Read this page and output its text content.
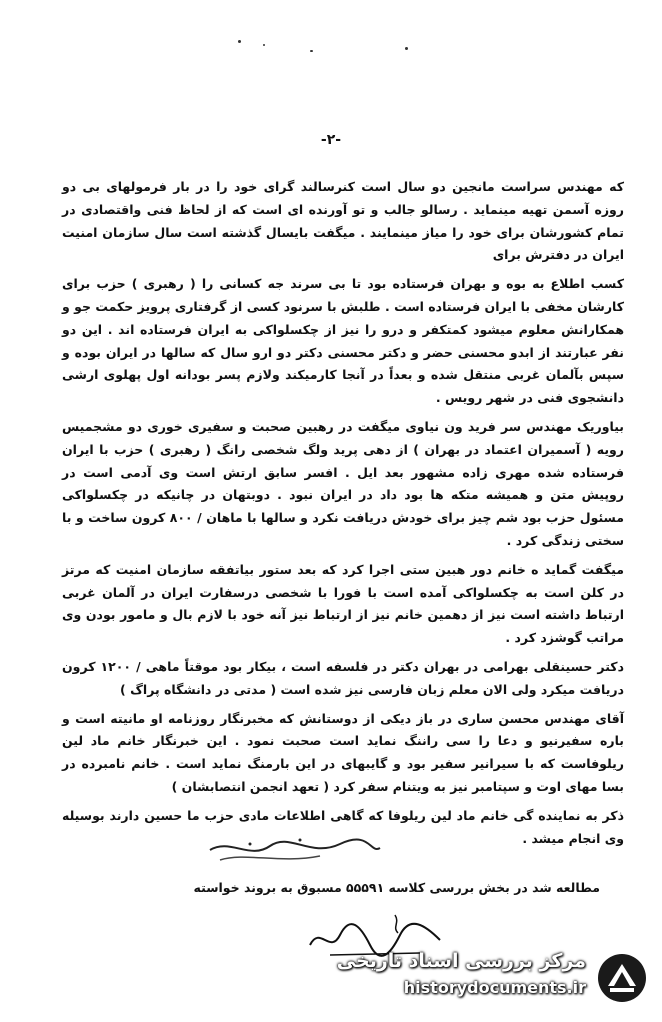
-٢-

که مهندس سراست مانجین دو سال است کنرسالند گرای خود را در بار فرمولهای بی دو روزه آسمن تهیه مینماید . رسالو جالب و تو آورنده ای است که از لحاظ فنی واقتصادی در تمام کشورشان برای خود را میاز مینمایند . میگفت بایسال گذشته است سال سازمان امنیت ایران در دفترش برای

کسب اطلاع به بوه و بهران فرستاده بود تا بی سرند جه کسانی را ( رهبری ) حزب برای کارشان مخفی با ایران فرستاده است . طلبش با سرنود کسی از گرفتاری پرویز حکمت جو و همکارانش معلوم میشود کمتکفر و درو را نیز از چکسلواکی به ایران فرستاده اند . این دو نفر عبارتند از ابدو محسنی حضر و دکتر محسنی دکتر دو ارو سال که سالها در ایران بوده و سپس بآلمان غربی منتقل شده و بعداً در آنجا کارمیکند ولازم پسر بودانه اول پهلوی ارشی دانشجوی فنی در شهر رویس .

بیاوریک مهندس سر فرید ون نیاوی میگفت در رهبین صحبت و سفیری خوری دو مشجمیس رویه ( آسمیران اعتماد در بهران ) از دهی پرید ولگ شخصی رانگ ( رهبری ) حزب با ایران فرستاده شده مهری زاده مشهور بعد ایل . افسر سابق ارتش است وی آدمی است در روپیش متن و همیشه متکه ها بود داد در ایران نبود . دوبتهان در چانیکه در چکسلواکی مسئول حزب بود شم چیز برای خودش دریافت نکرد و سالها با ماهان / ۸۰۰ کرون ساخت و با سختی زندگی کرد .

میگفت گماید ه خانم دور هبین ستی اجرا کرد که بعد ستور بیاتفقه سازمان امنیت که مرتز در کلن است به چکسلواکی آمده است با فورا با شخصی درسفارت ایران در آلمان غربی ارتباط داشته است نیز از دهمین خانم نیز از ارتباط نیز آنه خود با لازم بال و مامور بودن وی مراتب گوشزد کرد .

دکتر حسینقلی بهرامی در بهران دکتر در فلسفه است ، بیکار بود موقتاً ماهی / ۱۲۰۰ کرون دریافت میکرد ولی الان معلم زبان فارسی نیز شده است ( مدتی در دانشگاه پراگ )

آقای مهندس محسن ساری در باز دیکی از دوستانش که مخبرنگار روزنامه او مانیته است و باره سفیرنیو و دعا را سی راننگ نماید است صحبت نمود . این خبرنگار خانم ماد لین ریلوفاست که با سیرانیر سفیر بود و گایبهای در این بارمنگ نماید است . خانم نامبرده در بسا مهای اوت و سپتامبر نیز به ویتنام سفر کرد ( تعهد انجمن انتصابشان )

ذکر به نماینده گی خانم ماد لین ریلوفا که گاهی اطلاعات مادی حزب ما حسین دارند بوسیله وی انجام میشد .

مطالعه شد در بخش بررسی کلاسه ۵۵۵۹۱ مسبوق به بروند خواسته
مرکز بررسی اسناد تاریخی
historydocuments.ir
